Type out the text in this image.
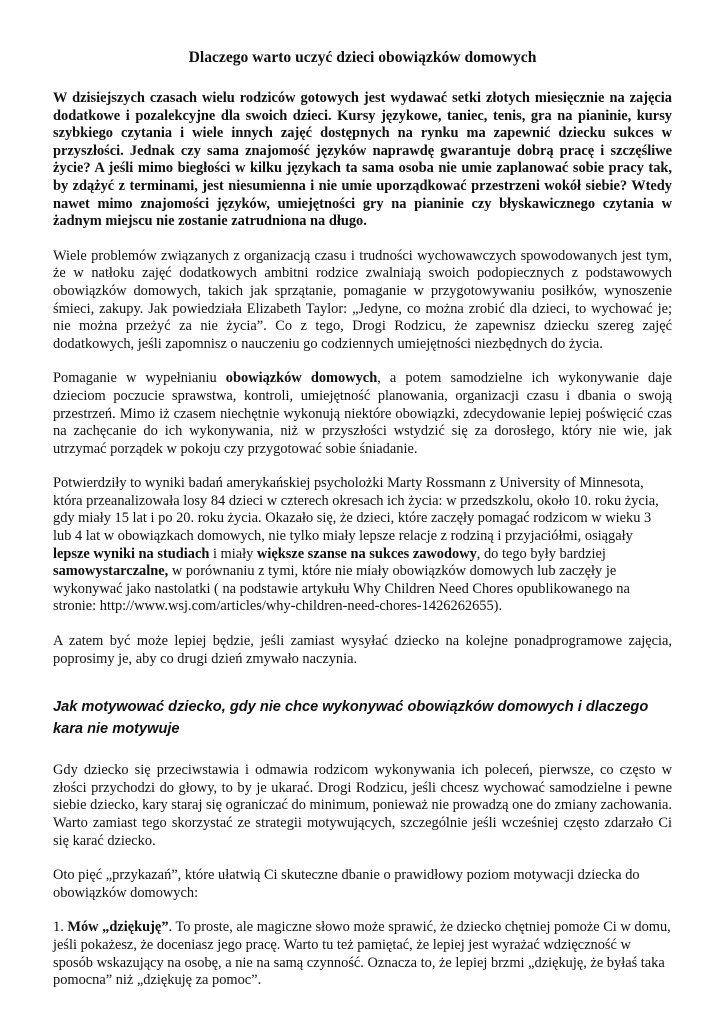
Dlaczego warto uczyć dzieci obowiązków domowych

W dzisiejszych czasach wielu rodziców gotowych jest wydawać setki złotych miesięcznie na zajęcia dodatkowe i pozalekcyjne dla swoich dzieci. Kursy językowe, taniec, tenis, gra na pianinie, kursy szybkiego czytania i wiele innych zajęć dostępnych na rynku ma zapewnić dziecku sukces w przyszłości. Jednak czy sama znajomość języków naprawdę gwarantuje dobrą pracę i szczęśliwe życie? A jeśli mimo biegłości w kilku językach ta sama osoba nie umie zaplanować sobie pracy tak, by zdążyć z terminami, jest niesumienna i nie umie uporządkować przestrzeni wokół siebie? Wtedy nawet mimo znajomości języków, umiejętności gry na pianinie czy błyskawicznego czytania w żadnym miejscu nie zostanie zatrudniona na długo.

Wiele problemów związanych z organizacją czasu i trudności wychowawczych spowodowanych jest tym, że w natłoku zajęć dodatkowych ambitni rodzice zwalniają swoich podopiecznych z podstawowych obowiązków domowych, takich jak sprzątanie, pomaganie w przygotowywaniu posiłków, wynoszenie śmieci, zakupy. Jak powiedziała Elizabeth Taylor: „Jedyne, co można zrobić dla dzieci, to wychować je; nie można przeżyć za nie życia”. Co z tego, Drogi Rodzicu, że zapewnisz dziecku szereg zajęć dodatkowych, jeśli zapomnisz o nauczeniu go codziennych umiejętności niezbędnych do życia.

Pomaganie w wypełnianiu obowiązków domowych, a potem samodzielne ich wykonywanie daje dzieciom poczucie sprawstwa, kontroli, umiejętność planowania, organizacji czasu i dbania o swoją przestrzeń. Mimo iż czasem niechętnie wykonują niektóre obowiązki, zdecydowanie lepiej poświęcić czas na zachęcanie do ich wykonywania, niż w przyszłości wstydzić się za dorosłego, który nie wie, jak utrzymać porządek w pokoju czy przygotować sobie śniadanie.

Potwierdziły to wyniki badań amerykańskiej psycholożki Marty Rossmann z University of Minnesota, która przeanalizowała losy 84 dzieci w czterech okresach ich życia: w przedszkolu, około 10. roku życia, gdy miały 15 lat i po 20. roku życia. Okazało się, że dzieci, które zaczęły pomagać rodzicom w wieku 3 lub 4 lat w obowiązkach domowych, nie tylko miały lepsze relacje z rodziną i przyjaciółmi, osiągały lepsze wyniki na studiach i miały większe szanse na sukces zawodowy, do tego były bardziej samowystarczalne, w porównaniu z tymi, które nie miały obowiązków domowych lub zaczęły je wykonywać jako nastolatki ( na podstawie artykułu Why Children Need Chores opublikowanego na stronie: http://www.wsj.com/articles/why-children-need-chores-1426262655).

A zatem być może lepiej będzie, jeśli zamiast wysyłać dziecko na kolejne ponadprogramowe zajęcia, poprosimy je, aby co drugi dzień zmywało naczynia.

Jak motywować dziecko, gdy nie chce wykonywać obowiązków domowych i dlaczego kara nie motywuje

Gdy dziecko się przeciwstawia i odmawia rodzicom wykonywania ich poleceń, pierwsze, co często w złości przychodzi do głowy, to by je ukarać. Drogi Rodzicu, jeśli chcesz wychować samodzielne i pewne siebie dziecko, kary staraj się ograniczać do minimum, ponieważ nie prowadzą one do zmiany zachowania. Warto zamiast tego skorzystać ze strategii motywujących, szczególnie jeśli wcześniej często zdarzało Ci się karać dziecko.

Oto pięć „przykazań”, które ułatwią Ci skuteczne dbanie o prawidłowy poziom motywacji dziecka do obowiązków domowych:

1. Mów „dziękuję”. To proste, ale magiczne słowo może sprawić, że dziecko chętniej pomoże Ci w domu, jeśli pokażesz, że doceniasz jego pracę. Warto tu też pamiętać, że lepiej jest wyrażać wdzięczność w sposób wskazujący na osobę, a nie na samą czynność. Oznacza to, że lepiej brzmi „dziękuję, że byłaś taka pomocna” niż „dziękuję za pomoc”.
